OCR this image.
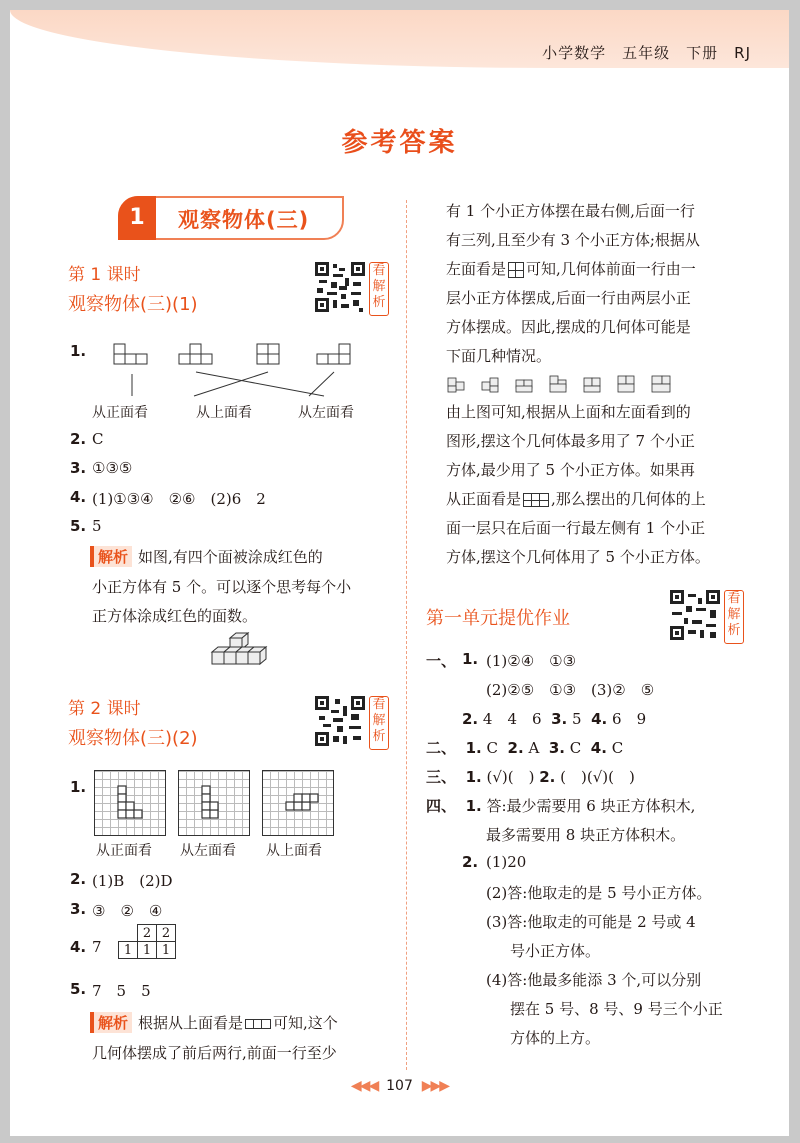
小学数学 五年级 下册 RJ
参考答案
1	观察物体(三)
第 1 课时
观察物体(三)(1)
看解析
1.
从正面看	从上面看	从左面看
2. C
3. ①③⑤
4. (1)①③④　②⑥　(2)6　2
5. 5
解析 如图,有四个面被涂成红色的
小正方体有 5 个。可以逐个思考每个小
正方体涂成红色的面数。
第 2 课时
观察物体(三)(2)
看解析
1.
从正面看 从左面看 从上面看
2. (1)B　(2)D
3. ③　②　④
4. 7
	2	2
1	1	1
5. 7　5　5
解析 根据从上面看是 可知,这个
几何体摆成了前后两行,前面一行至少
有 1 个小正方体摆在最右侧,后面一行
有三列,且至少有 3 个小正方体;根据从
左面看是 可知,几何体前面一行由一
层小正方体摆成,后面一行由两层小正
方体摆成。因此,摆成的几何体可能是
下面几种情况。
由上图可知,根据从上面和左面看到的
图形,摆这个几何体最多用了 7 个小正
方体,最少用了 5 个小正方体。如果再
从正面看是 ,那么摆出的几何体的上
面一层只在后面一行最左侧有 1 个小正
方体,摆这个几何体用了 5 个小正方体。
第一单元提优作业
看解析
一、 1. (1)②④　①③
(2)②⑤　①③　(3)②　⑤
2. 4　4　6 3. 5 4. 6　9
二、 1. C 2. A 3. C 4. C
三、 1. (√)(　) 2. (　)(√)(　)
四、 1. 答:最少需要用 6 块正方体积木,
最多需要用 8 块正方体积木。
2. (1)20
(2)答:他取走的是 5 号小正方体。
(3)答:他取走的可能是 2 号或 4
号小正方体。
(4)答:他最多能添 3 个,可以分别
摆在 5 号、8 号、9 号三个小正
方体的上方。
◀◀◀ 107 ▶▶▶
